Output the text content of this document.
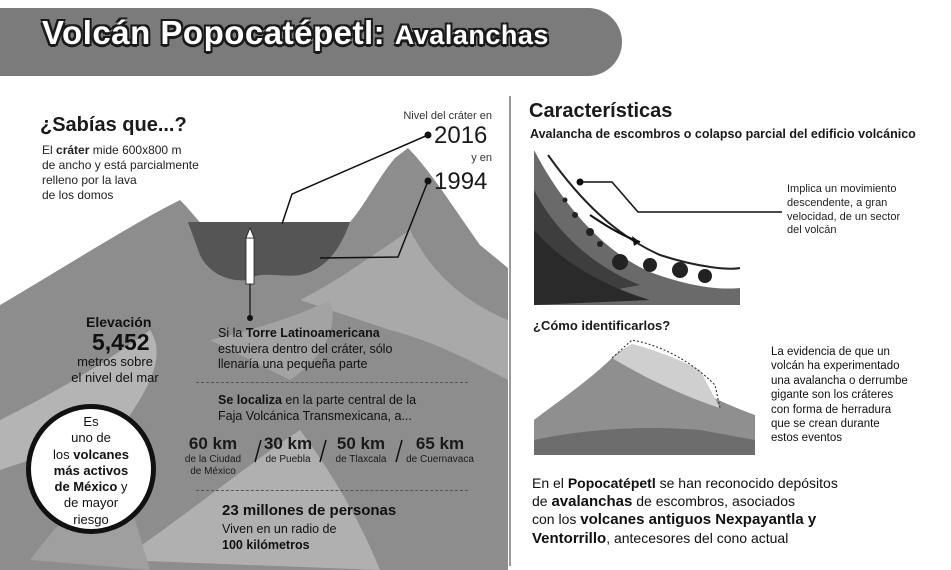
Volcán Popocatépetl: Avalanchas
¿Sabías que...?
El cráter mide 600x800 m
de ancho y está parcialmente
relleno por la lava
de los domos
Nivel del cráter en
2016
y en
1994
Elevación
5,452
metros sobre
el nivel del mar
Si la Torre Latinoamericana
estuviera dentro del cráter, sólo
llenaría una pequeña parte
Se localiza en la parte central de la
Faja Volcánica Transmexicana, a...
60 km
de la Ciudad
de México
30 km
de Puebla
50 km
de Tlaxcala
65 km
de Cuernavaca
23 millones de personas
Viven en un radio de
100 kilómetros
Es
uno de
los volcanes
más activos
de México y
de mayor
riesgo
Características
Avalancha de escombros o colapso parcial del edificio volcánico
Implica un movimiento
descendente, a gran
velocidad, de un sector
del volcán
¿Cómo identificarlos?
La evidencia de que un
volcán ha experimentado
una avalancha o derrumbe
gigante son los cráteres
con forma de herradura
que se crean durante
estos eventos
En el Popocatépetl se han reconocido depósitos
de avalanchas de escombros, asociados
con los volcanes antiguos Nexpayantla y
Ventorrillo, antecesores del cono actual
